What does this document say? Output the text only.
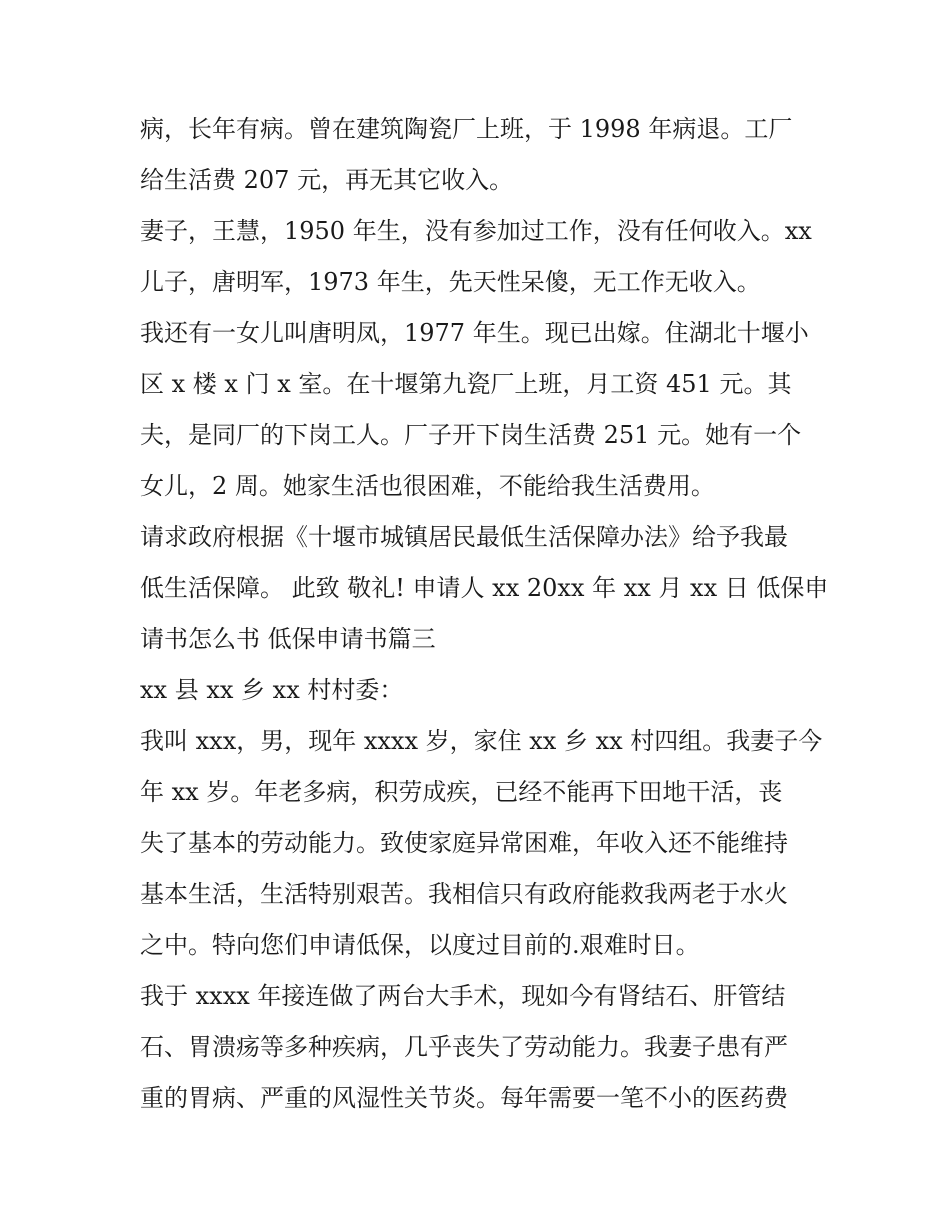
病，长年有病。曾在建筑陶瓷厂上班，于 1998 年病退。工厂
给生活费 207 元，再无其它收入。
妻子，王慧，1950 年生，没有参加过工作，没有任何收入。xx
儿子，唐明军，1973 年生，先天性呆傻，无工作无收入。
我还有一女儿叫唐明凤，1977 年生。现已出嫁。住湖北十堰小
区 x 楼 x 门 x 室。在十堰第九瓷厂上班，月工资 451 元。其
夫，是同厂的下岗工人。厂子开下岗生活费 251 元。她有一个
女儿，2 周。她家生活也很困难，不能给我生活费用。
请求政府根据《十堰市城镇居民最低生活保障办法》给予我最
低生活保障。 此致 敬礼! 申请人 xx 20xx 年 xx 月 xx 日 低保申
请书怎么书 低保申请书篇三
xx 县 xx 乡 xx 村村委：
我叫 xxx，男，现年 xxxx 岁，家住 xx 乡 xx 村四组。我妻子今
年 xx 岁。年老多病，积劳成疾，已经不能再下田地干活，丧
失了基本的劳动能力。致使家庭异常困难，年收入还不能维持
基本生活，生活特别艰苦。我相信只有政府能救我两老于水火
之中。特向您们申请低保，以度过目前的.艰难时日。
我于 xxxx 年接连做了两台大手术，现如今有肾结石、肝管结
石、胃溃疡等多种疾病，几乎丧失了劳动能力。我妻子患有严
重的胃病、严重的风湿性关节炎。每年需要一笔不小的医药费
